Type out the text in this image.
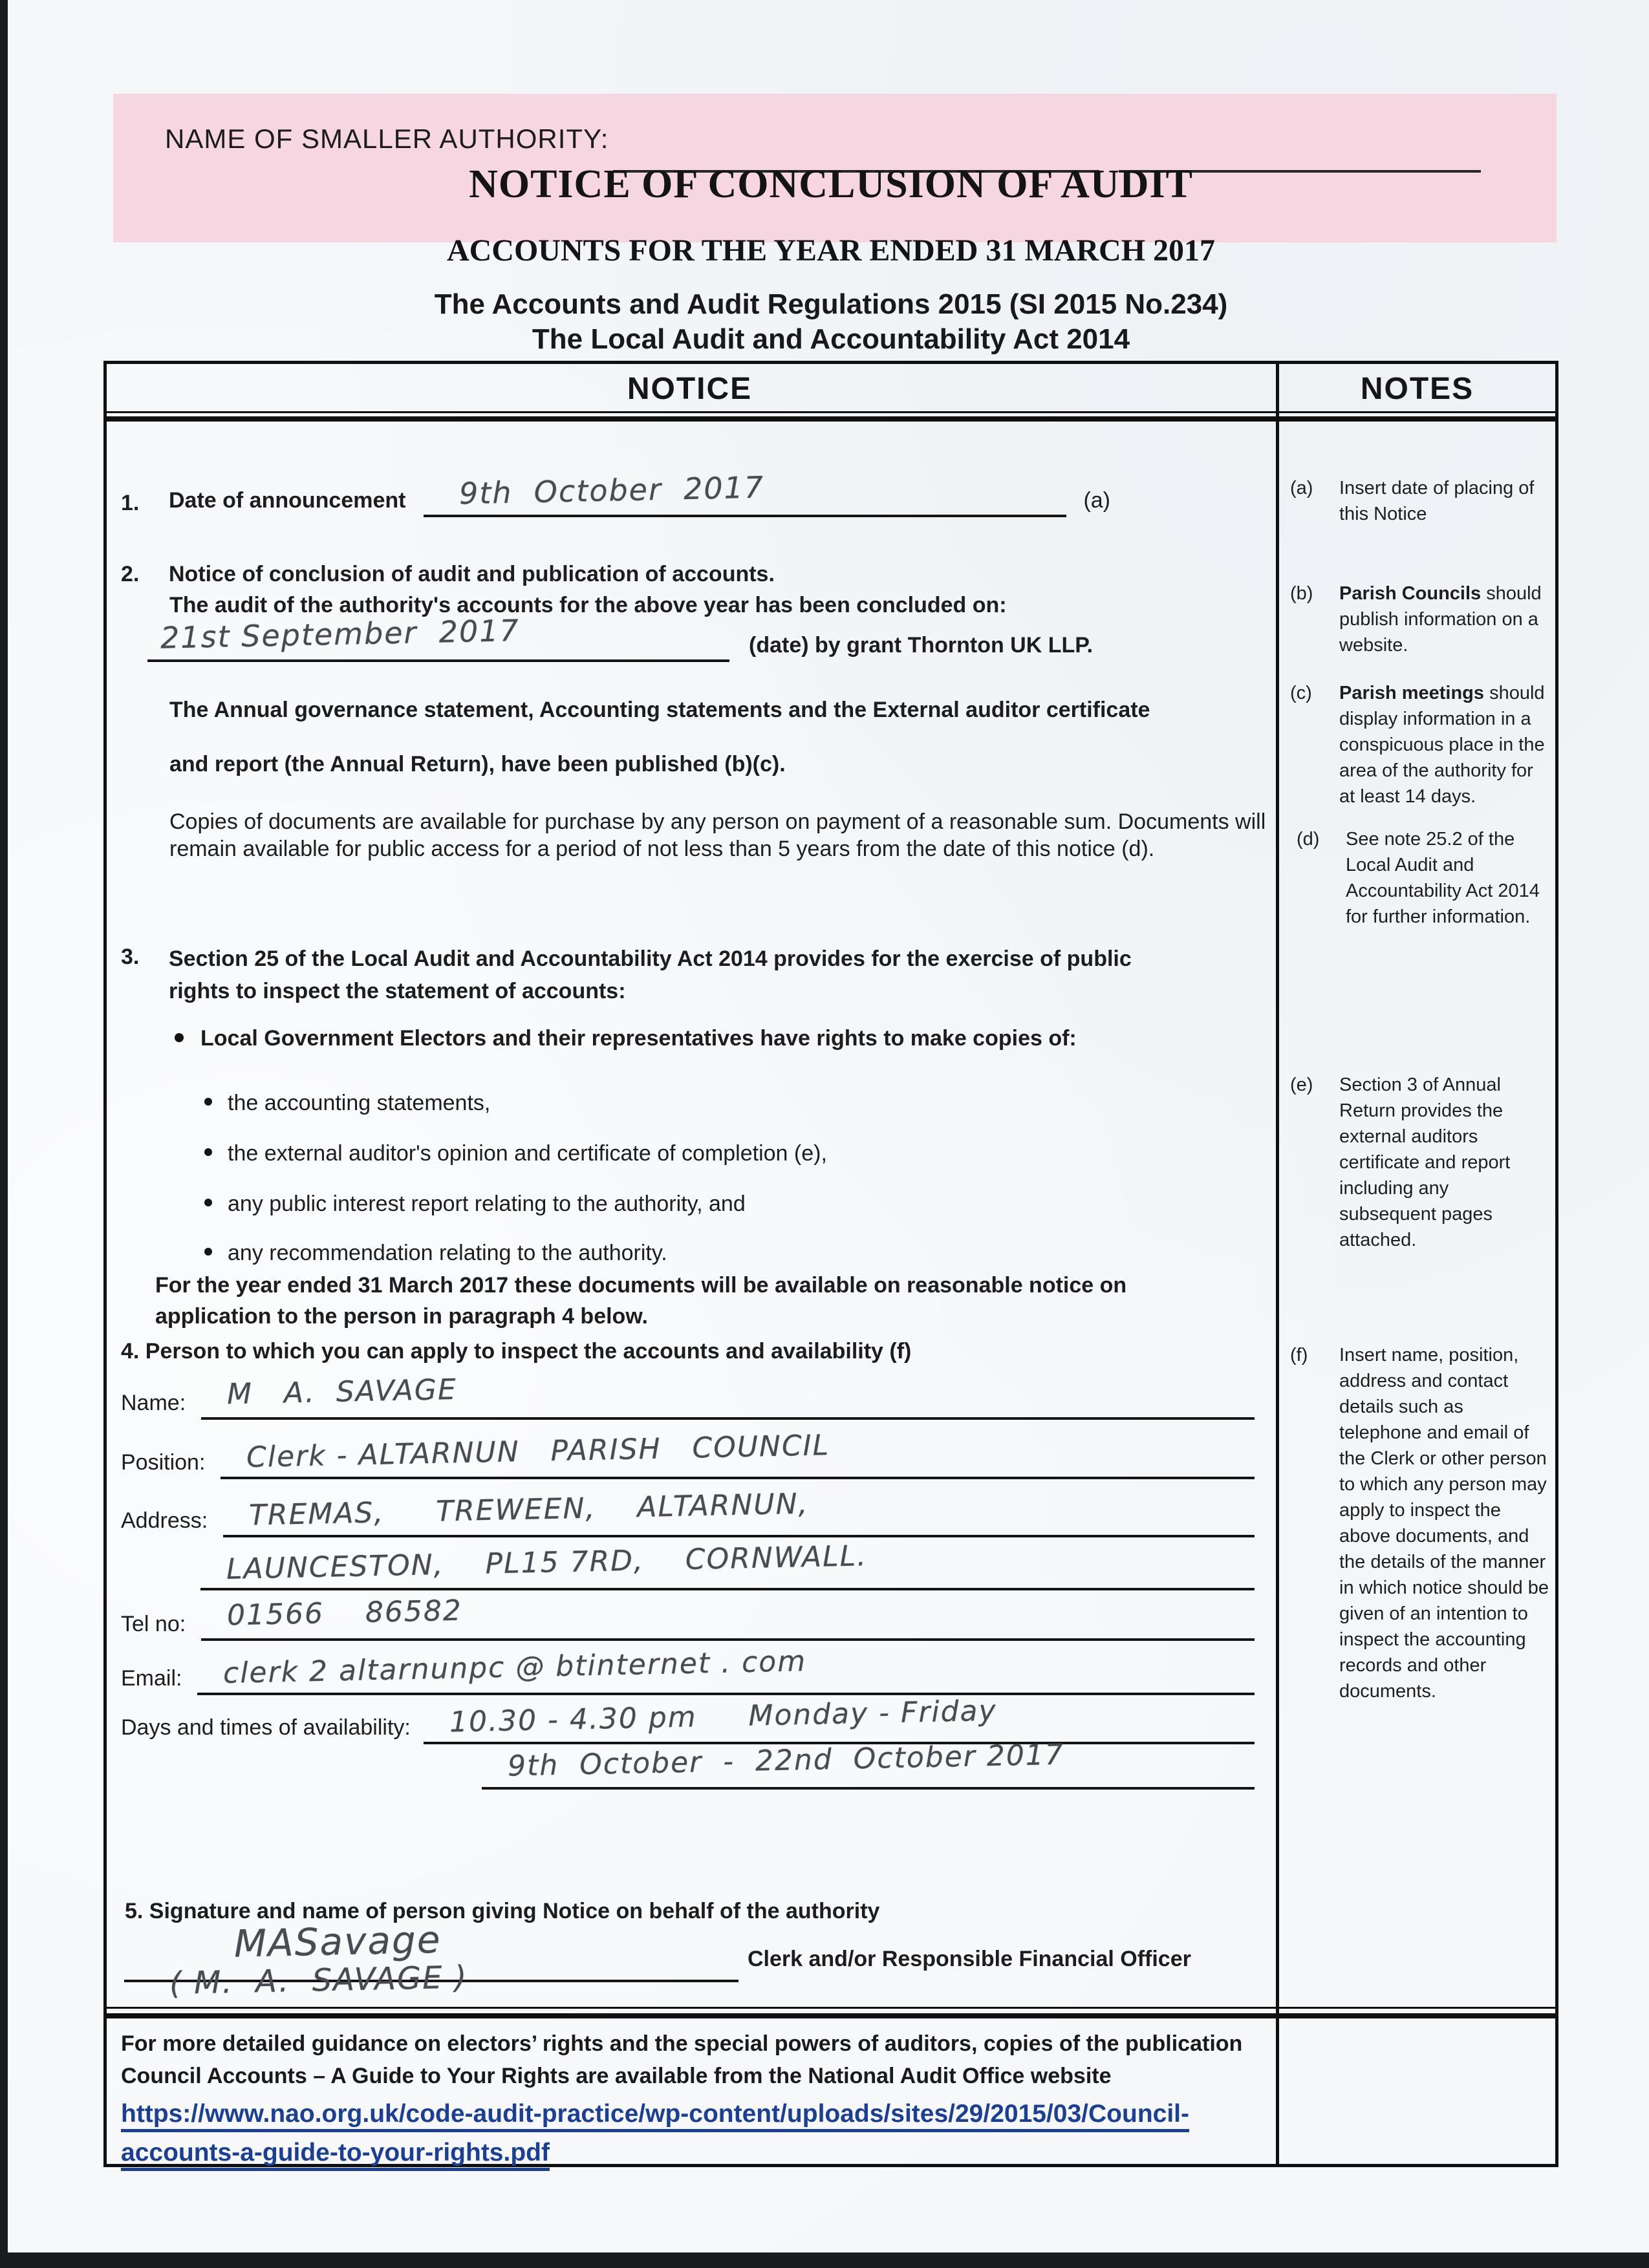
NAME OF SMALLER AUTHORITY:
NOTICE OF CONCLUSION OF AUDIT
ACCOUNTS FOR THE YEAR ENDED 31 MARCH 2017
The Accounts and Audit Regulations 2015 (SI 2015 No.234)
The Local Audit and Accountability Act 2014
NOTICE	NOTES
1.	Date of announcement	9th  October  2017	(a)
2.	Notice of conclusion of audit and publication of accounts.
The audit of the authority's accounts for the above year has been concluded on:
21st September  2017	(date) by grant Thornton UK LLP.
The Annual governance statement, Accounting statements and the External auditor certificate
and report (the Annual Return), have been published (b)(c).
Copies of documents are available for purchase by any person on payment of a reasonable sum. Documents will remain available for public access for a period of not less than 5 years from the date of this notice (d).
3.	Section 25 of the Local Audit and Accountability Act 2014 provides for the exercise of public
rights to inspect the statement of accounts:
Local Government Electors and their representatives have rights to make copies of:
the accounting statements,
the external auditor's opinion and certificate of completion (e),
any public interest report relating to the authority, and
any recommendation relating to the authority.
For the year ended 31 March 2017 these documents will be available on reasonable notice on
application to the person in paragraph 4 below.
4. Person to which you can apply to inspect the accounts and availability (f)
Name:	M   A.  SAVAGE
Position:	Clerk - ALTARNUN   PARISH   COUNCIL
Address:	TREMAS,     TREWEEN,    ALTARNUN,
LAUNCESTON,    PL15 7RD,    CORNWALL.
Tel no:	01566    86582
Email:	clerk 2 altarnunpc @ btinternet . com
Days and times of availability:	10.30 - 4.30 pm     Monday - Friday
9th  October  -  22nd  October 2017
5. Signature and name of person giving Notice on behalf of the authority
MASavage ( M.  A.  SAVAGE )
Clerk and/or Responsible Financial Officer
(a)	Insert date of placing of this Notice

(b)	Parish Councils should publish information on a website.

(c)	Parish meetings should display information in a conspicuous place in the area of the authority for at least 14 days.

(d)	See note 25.2 of the Local Audit and Accountability Act 2014 for further information.

(e)	Section 3 of Annual Return provides the external auditors certificate and report including any subsequent pages attached.

(f)	Insert name, position, address and contact details such as telephone and email of the Clerk or other person to which any person may apply to inspect the above documents, and the details of the manner in which notice should be given of an intention to inspect the accounting records and other documents.

For more detailed guidance on electors’ rights and the special powers of auditors, copies of the publication
Council Accounts – A Guide to Your Rights are available from the National Audit Office website
https://www.nao.org.uk/code-audit-practice/wp-content/uploads/sites/29/2015/03/Council-
accounts-a-guide-to-your-rights.pdf
